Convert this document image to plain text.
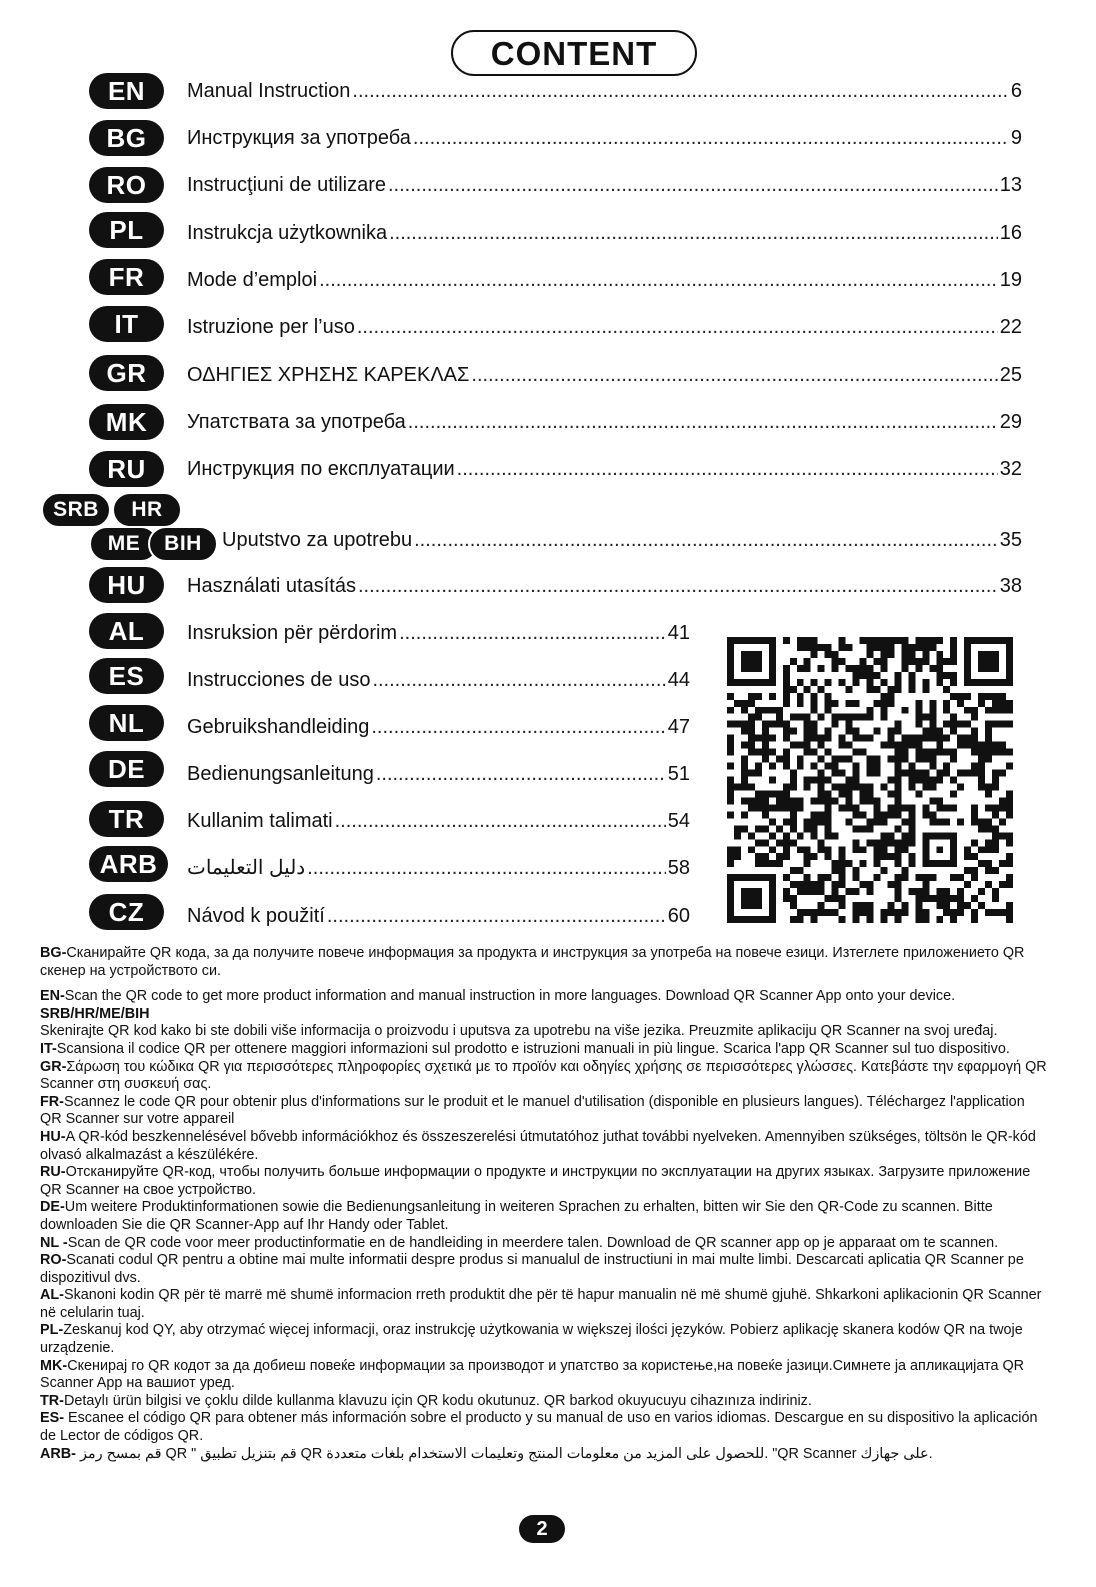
CONTENT
EN	Manual Instruction .....	6
BG	Инструкция за употреба .....	9
RO	Instrucţiuni de utilizare .....	13
PL	Instrukcja użytkownika .....	16
FR	Mode d’emploi .....	19
IT	Istruzione per l’uso .....	22
GR	ΟΔΗΓΙΕΣ ΧΡΗΣΗΣ ΚΑΡΕΚΛΑΣ .....	25
MK	Упатствата за употреба .....	29
RU	Инструкция по експлуатации .....	32
SRB	HR
ME	BIH	Uputstvo za upotrebu .....	35
HU	Használati utasítás .....	38
AL	Insruksion për përdorim .....	41
ES	Instrucciones de uso .....	44
NL	Gebruikshandleiding .....	47
DE	Bedienungsanleitung .....	51
TR	Kullanim talimati .....	54
ARB	دليل التعليمات .....	58
CZ	Návod k použití .....	60

BG-Сканирайте QR кода, за да получите повече информация за продукта и инструкция за употреба на повече езици. Изтеглете приложението QR скенер на устройството си.

EN-Scan the QR code to get more product information and manual instruction in more languages. Download QR Scanner App onto your device.

SRB/HR/ME/BIH
Skenirajte QR kod kako bi ste dobili više informacija o proizvodu i uputsva za upotrebu na više jezika. Preuzmite aplikaciju QR Scanner na svoj uređaj.

IT-Scansiona il codice QR per ottenere maggiori informazioni sul prodotto e istruzioni manuali in più lingue. Scarica l'app QR Scanner sul tuo dispositivo.

GR-Σάρωση του κώδικα QR για περισσότερες πληροφορίες σχετικά με το προϊόν και οδηγίες χρήσης σε περισσότερες γλώσσες. Κατεβάστε την εφαρμογή QR Scanner στη συσκευή σας.

FR-Scannez le code QR pour obtenir plus d'informations sur le produit et le manuel d'utilisation (disponible en plusieurs langues). Téléchargez l'application QR Scanner sur votre appareil

HU-A QR-kód beszkennelésével bővebb információkhoz és összeszerelési útmutatóhoz juthat további nyelveken. Amennyiben szükséges, töltsön le QR-kód olvasó alkalmazást a készülékére.

RU-Отсканируйте QR-код, чтобы получить больше информации о продукте и инструкции по эксплуатации на других языках. Загрузите приложение QR Scanner на свое устройство.

DE-Um weitere Produktinformationen sowie die Bedienungsanleitung in weiteren Sprachen zu erhalten, bitten wir Sie den QR-Code zu scannen. Bitte downloaden Sie die QR Scanner-App auf Ihr Handy oder Tablet.

NL -Scan de QR code voor meer productinformatie en de handleiding in meerdere talen. Download de QR scanner app op je apparaat om te scannen.

RO-Scanati codul QR pentru a obtine mai multe informatii despre produs si manualul de instructiuni in mai multe limbi. Descarcati aplicatia QR Scanner pe dispozitivul dvs.

AL-Skanoni kodin QR për të marrë më shumë informacion rreth produktit dhe për të hapur manualin në më shumë gjuhë. Shkarkoni aplikacionin QR Scanner në celularin tuaj.

PL-Zeskanuj kod QY, aby otrzymać więcej informacji, oraz instrukcję użytkowania w większej ilości języków. Pobierz aplikację skanera kodów QR na twoje urządzenie.

MK-Скенирај го QR кодот за да добиеш повеќе информации за производот и упатство за користење,на повеќе јазици.Симнете ја апликацијата QR Scanner App на вашиот уред.

TR-Detaylı ürün bilgisi ve çoklu dilde kullanma klavuzu için QR kodu okutunuz. QR barkod okuyucuyu cihazınıza indiriniz.

ES- Escanee el código QR para obtener más información sobre el producto y su manual de uso en varios idiomas. Descargue en su dispositivo la aplicación de Lector de códigos QR.

ARB- قم بمسح رمز QR " قم بتنزيل تطبيق QR للحصول على المزيد من معلومات المنتج وتعليمات الاستخدام بلغات متعددة. "QR Scanner على جهازك.

2
